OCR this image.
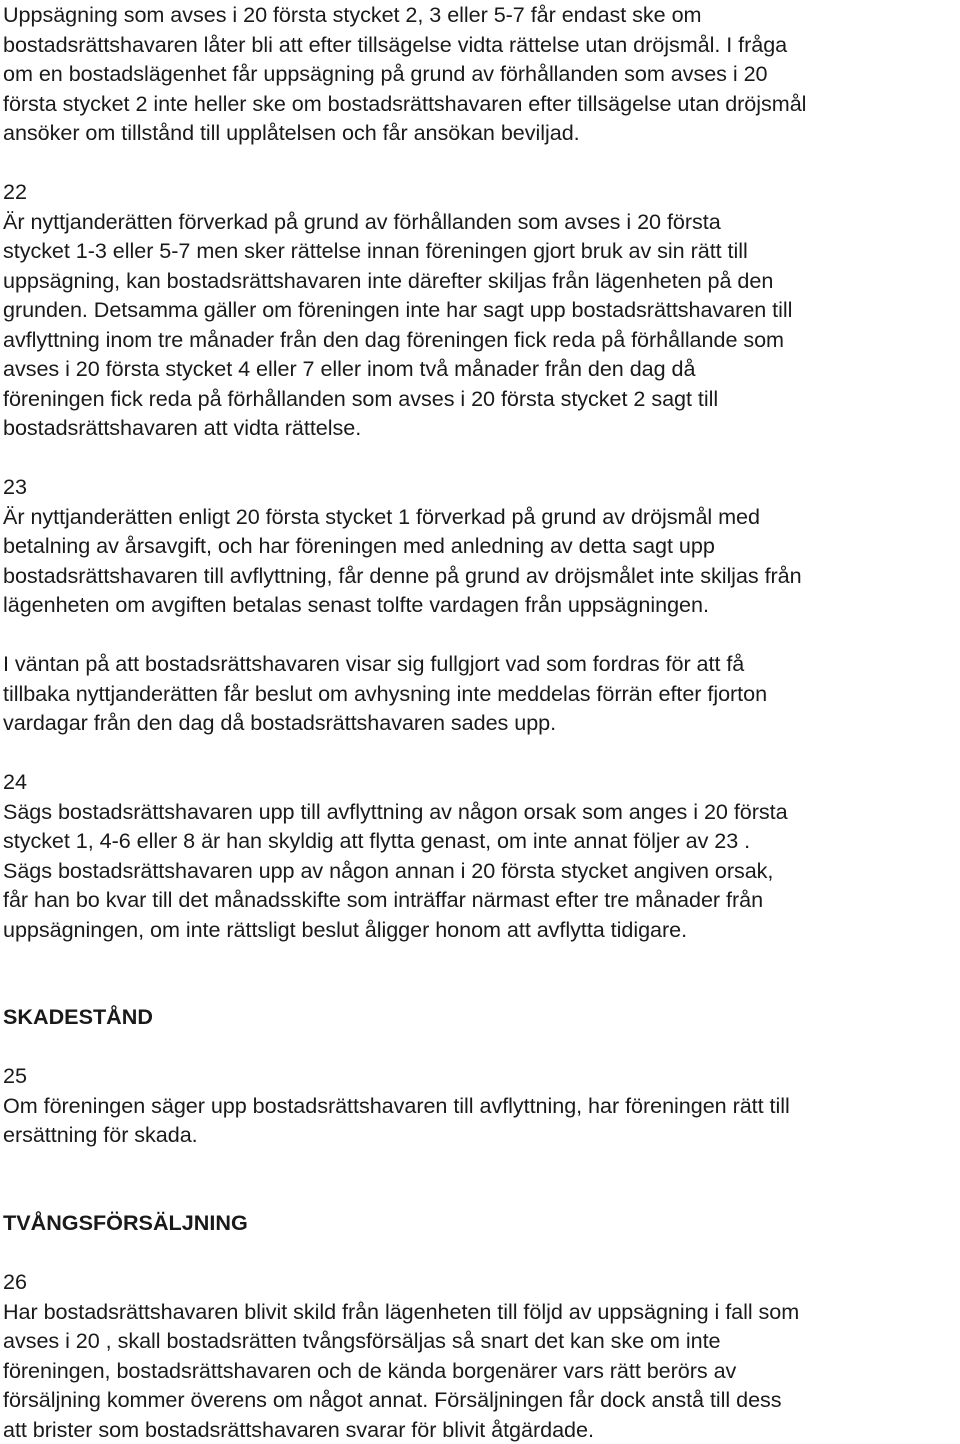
Uppsägning som avses i 20 första stycket 2, 3 eller 5-7 får endast ske om
bostadsrättshavaren låter bli att efter tillsägelse vidta rättelse utan dröjsmål. I fråga
om en bostadslägenhet får uppsägning på grund av förhållanden som avses i 20
första stycket 2 inte heller ske om bostadsrättshavaren efter tillsägelse utan dröjsmål
ansöker om tillstånd till upplåtelsen och får ansökan beviljad.
22
Är nyttjanderätten förverkad på grund av förhållanden som avses i 20 första
stycket 1-3 eller 5-7 men sker rättelse innan föreningen gjort bruk av sin rätt till
uppsägning, kan bostadsrättshavaren inte därefter skiljas från lägenheten på den
grunden. Detsamma gäller om föreningen inte har sagt upp bostadsrättshavaren till
avflyttning inom tre månader från den dag föreningen fick reda på förhållande som
avses i 20 första stycket 4 eller 7 eller inom två månader från den dag då
föreningen fick reda på förhållanden som avses i 20 första stycket 2 sagt till
bostadsrättshavaren att vidta rättelse.
23
Är nyttjanderätten enligt 20 första stycket 1 förverkad på grund av dröjsmål med
betalning av årsavgift, och har föreningen med anledning av detta sagt upp
bostadsrättshavaren till avflyttning, får denne på grund av dröjsmålet inte skiljas från
lägenheten om avgiften betalas senast tolfte vardagen från uppsägningen.
I väntan på att bostadsrättshavaren visar sig fullgjort vad som fordras för att få
tillbaka nyttjanderätten får beslut om avhysning inte meddelas förrän efter fjorton
vardagar från den dag då bostadsrättshavaren sades upp.
24
Sägs bostadsrättshavaren upp till avflyttning av någon orsak som anges i 20 första
stycket 1, 4-6 eller 8 är han skyldig att flytta genast, om inte annat följer av 23 .
Sägs bostadsrättshavaren upp av någon annan i 20 första stycket angiven orsak,
får han bo kvar till det månadsskifte som inträffar närmast efter tre månader från
uppsägningen, om inte rättsligt beslut åligger honom att avflytta tidigare.
SKADESTÅND
25
Om föreningen säger upp bostadsrättshavaren till avflyttning, har föreningen rätt till
ersättning för skada.
TVÅNGSFÖRSÄLJNING
26
Har bostadsrättshavaren blivit skild från lägenheten till följd av uppsägning i fall som
avses i 20 , skall bostadsrätten tvångsförsäljas så snart det kan ske om inte
föreningen, bostadsrättshavaren och de kända borgenärer vars rätt berörs av
försäljning kommer överens om något annat. Försäljningen får dock anstå till dess
att brister som bostadsrättshavaren svarar för blivit åtgärdade.
